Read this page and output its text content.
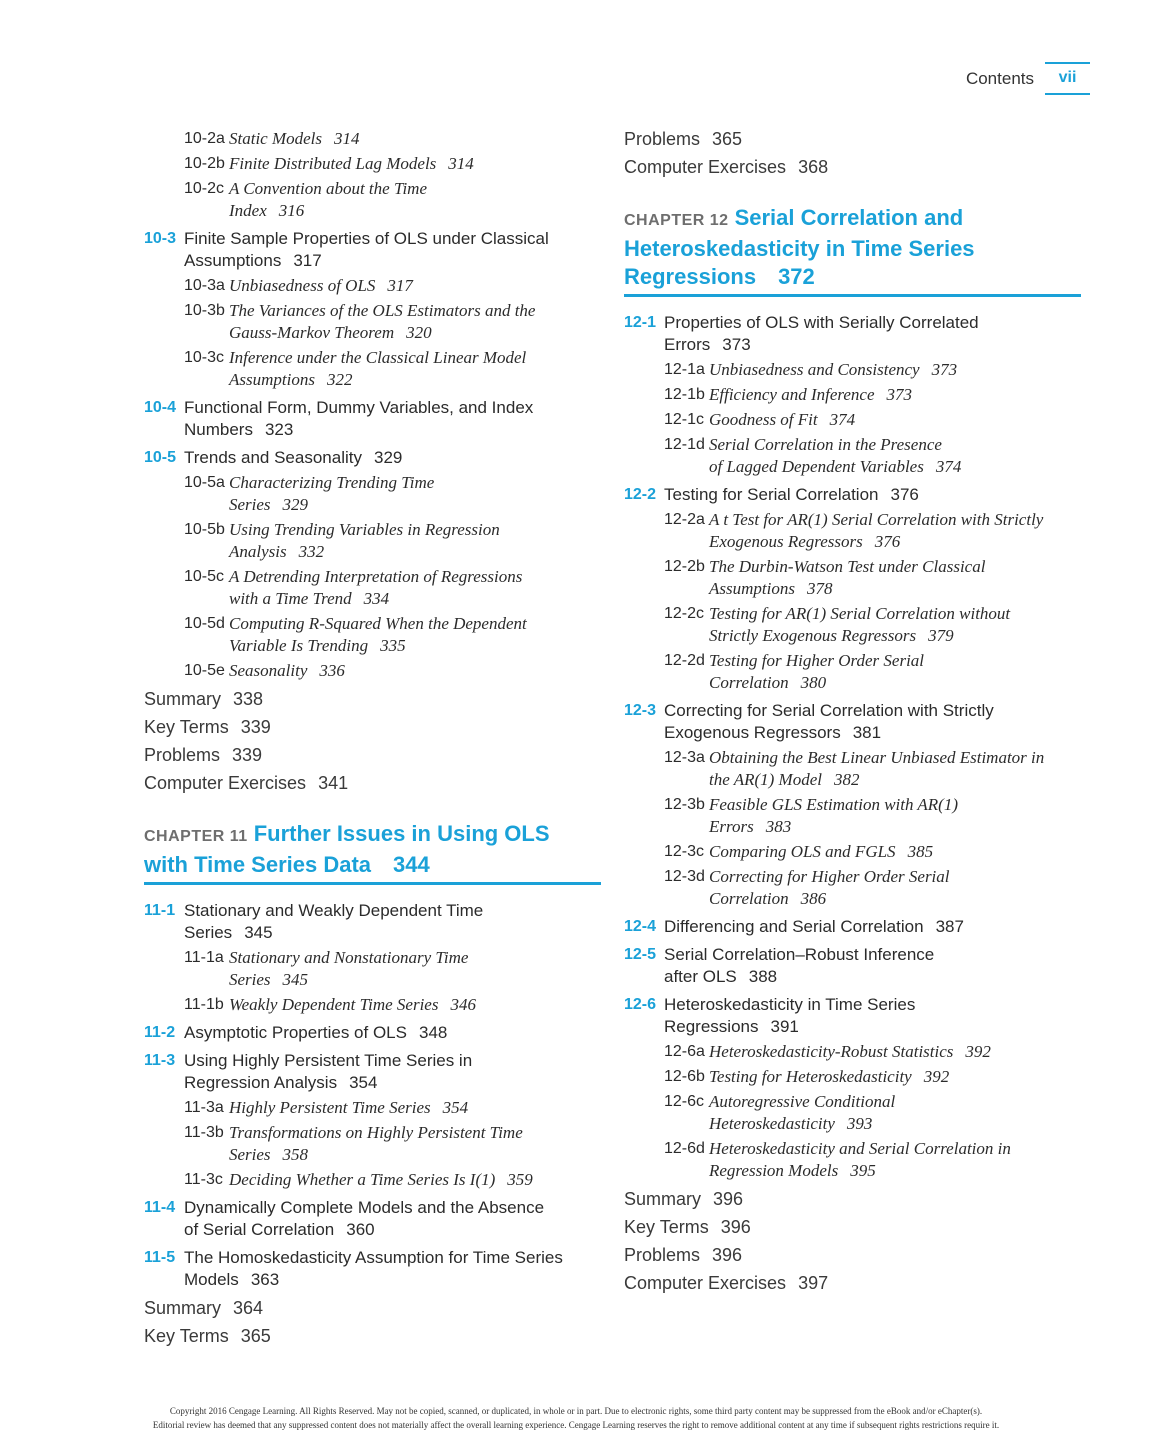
Contents	vii
10-2a Static Models 314
10-2b Finite Distributed Lag Models 314
10-2c A Convention about the Time
Index 316
10-3 Finite Sample Properties of OLS under Classical
Assumptions 317
10-3a Unbiasedness of OLS 317
10-3b The Variances of the OLS Estimators and the
Gauss-Markov Theorem 320
10-3c Inference under the Classical Linear Model
Assumptions 322
10-4 Functional Form, Dummy Variables, and Index
Numbers 323
10-5 Trends and Seasonality 329
10-5a Characterizing Trending Time
Series 329
10-5b Using Trending Variables in Regression
Analysis 332
10-5c A Detrending Interpretation of Regressions
with a Time Trend 334
10-5d Computing R-Squared When the Dependent
Variable Is Trending 335
10-5e Seasonality 336
Summary 338
Key Terms 339
Problems 339
Computer Exercises 341
CHAPTER 11 Further Issues in Using OLS
with Time Series Data 344
11-1 Stationary and Weakly Dependent Time
Series 345
11-1a Stationary and Nonstationary Time
Series 345
11-1b Weakly Dependent Time Series 346
11-2 Asymptotic Properties of OLS 348
11-3 Using Highly Persistent Time Series in
Regression Analysis 354
11-3a Highly Persistent Time Series 354
11-3b Transformations on Highly Persistent Time
Series 358
11-3c Deciding Whether a Time Series Is I(1) 359
11-4 Dynamically Complete Models and the Absence
of Serial Correlation 360
11-5 The Homoskedasticity Assumption for Time Series
Models 363
Summary 364
Key Terms 365
Problems 365
Computer Exercises 368
CHAPTER 12 Serial Correlation and
Heteroskedasticity in Time Series
Regressions 372
12-1 Properties of OLS with Serially Correlated
Errors 373
12-1a Unbiasedness and Consistency 373
12-1b Efficiency and Inference 373
12-1c Goodness of Fit 374
12-1d Serial Correlation in the Presence
of Lagged Dependent Variables 374
12-2 Testing for Serial Correlation 376
12-2a A t Test for AR(1) Serial Correlation with Strictly
Exogenous Regressors 376
12-2b The Durbin-Watson Test under Classical
Assumptions 378
12-2c Testing for AR(1) Serial Correlation without
Strictly Exogenous Regressors 379
12-2d Testing for Higher Order Serial
Correlation 380
12-3 Correcting for Serial Correlation with Strictly
Exogenous Regressors 381
12-3a Obtaining the Best Linear Unbiased Estimator in
the AR(1) Model 382
12-3b Feasible GLS Estimation with AR(1)
Errors 383
12-3c Comparing OLS and FGLS 385
12-3d Correcting for Higher Order Serial
Correlation 386
12-4 Differencing and Serial Correlation 387
12-5 Serial Correlation–Robust Inference
after OLS 388
12-6 Heteroskedasticity in Time Series
Regressions 391
12-6a Heteroskedasticity-Robust Statistics 392
12-6b Testing for Heteroskedasticity 392
12-6c Autoregressive Conditional
Heteroskedasticity 393
12-6d Heteroskedasticity and Serial Correlation in
Regression Models 395
Summary 396
Key Terms 396
Problems 396
Computer Exercises 397
Copyright 2016 Cengage Learning. All Rights Reserved. May not be copied, scanned, or duplicated, in whole or in part. Due to electronic rights, some third party content may be suppressed from the eBook and/or eChapter(s).
Editorial review has deemed that any suppressed content does not materially affect the overall learning experience. Cengage Learning reserves the right to remove additional content at any time if subsequent rights restrictions require it.
